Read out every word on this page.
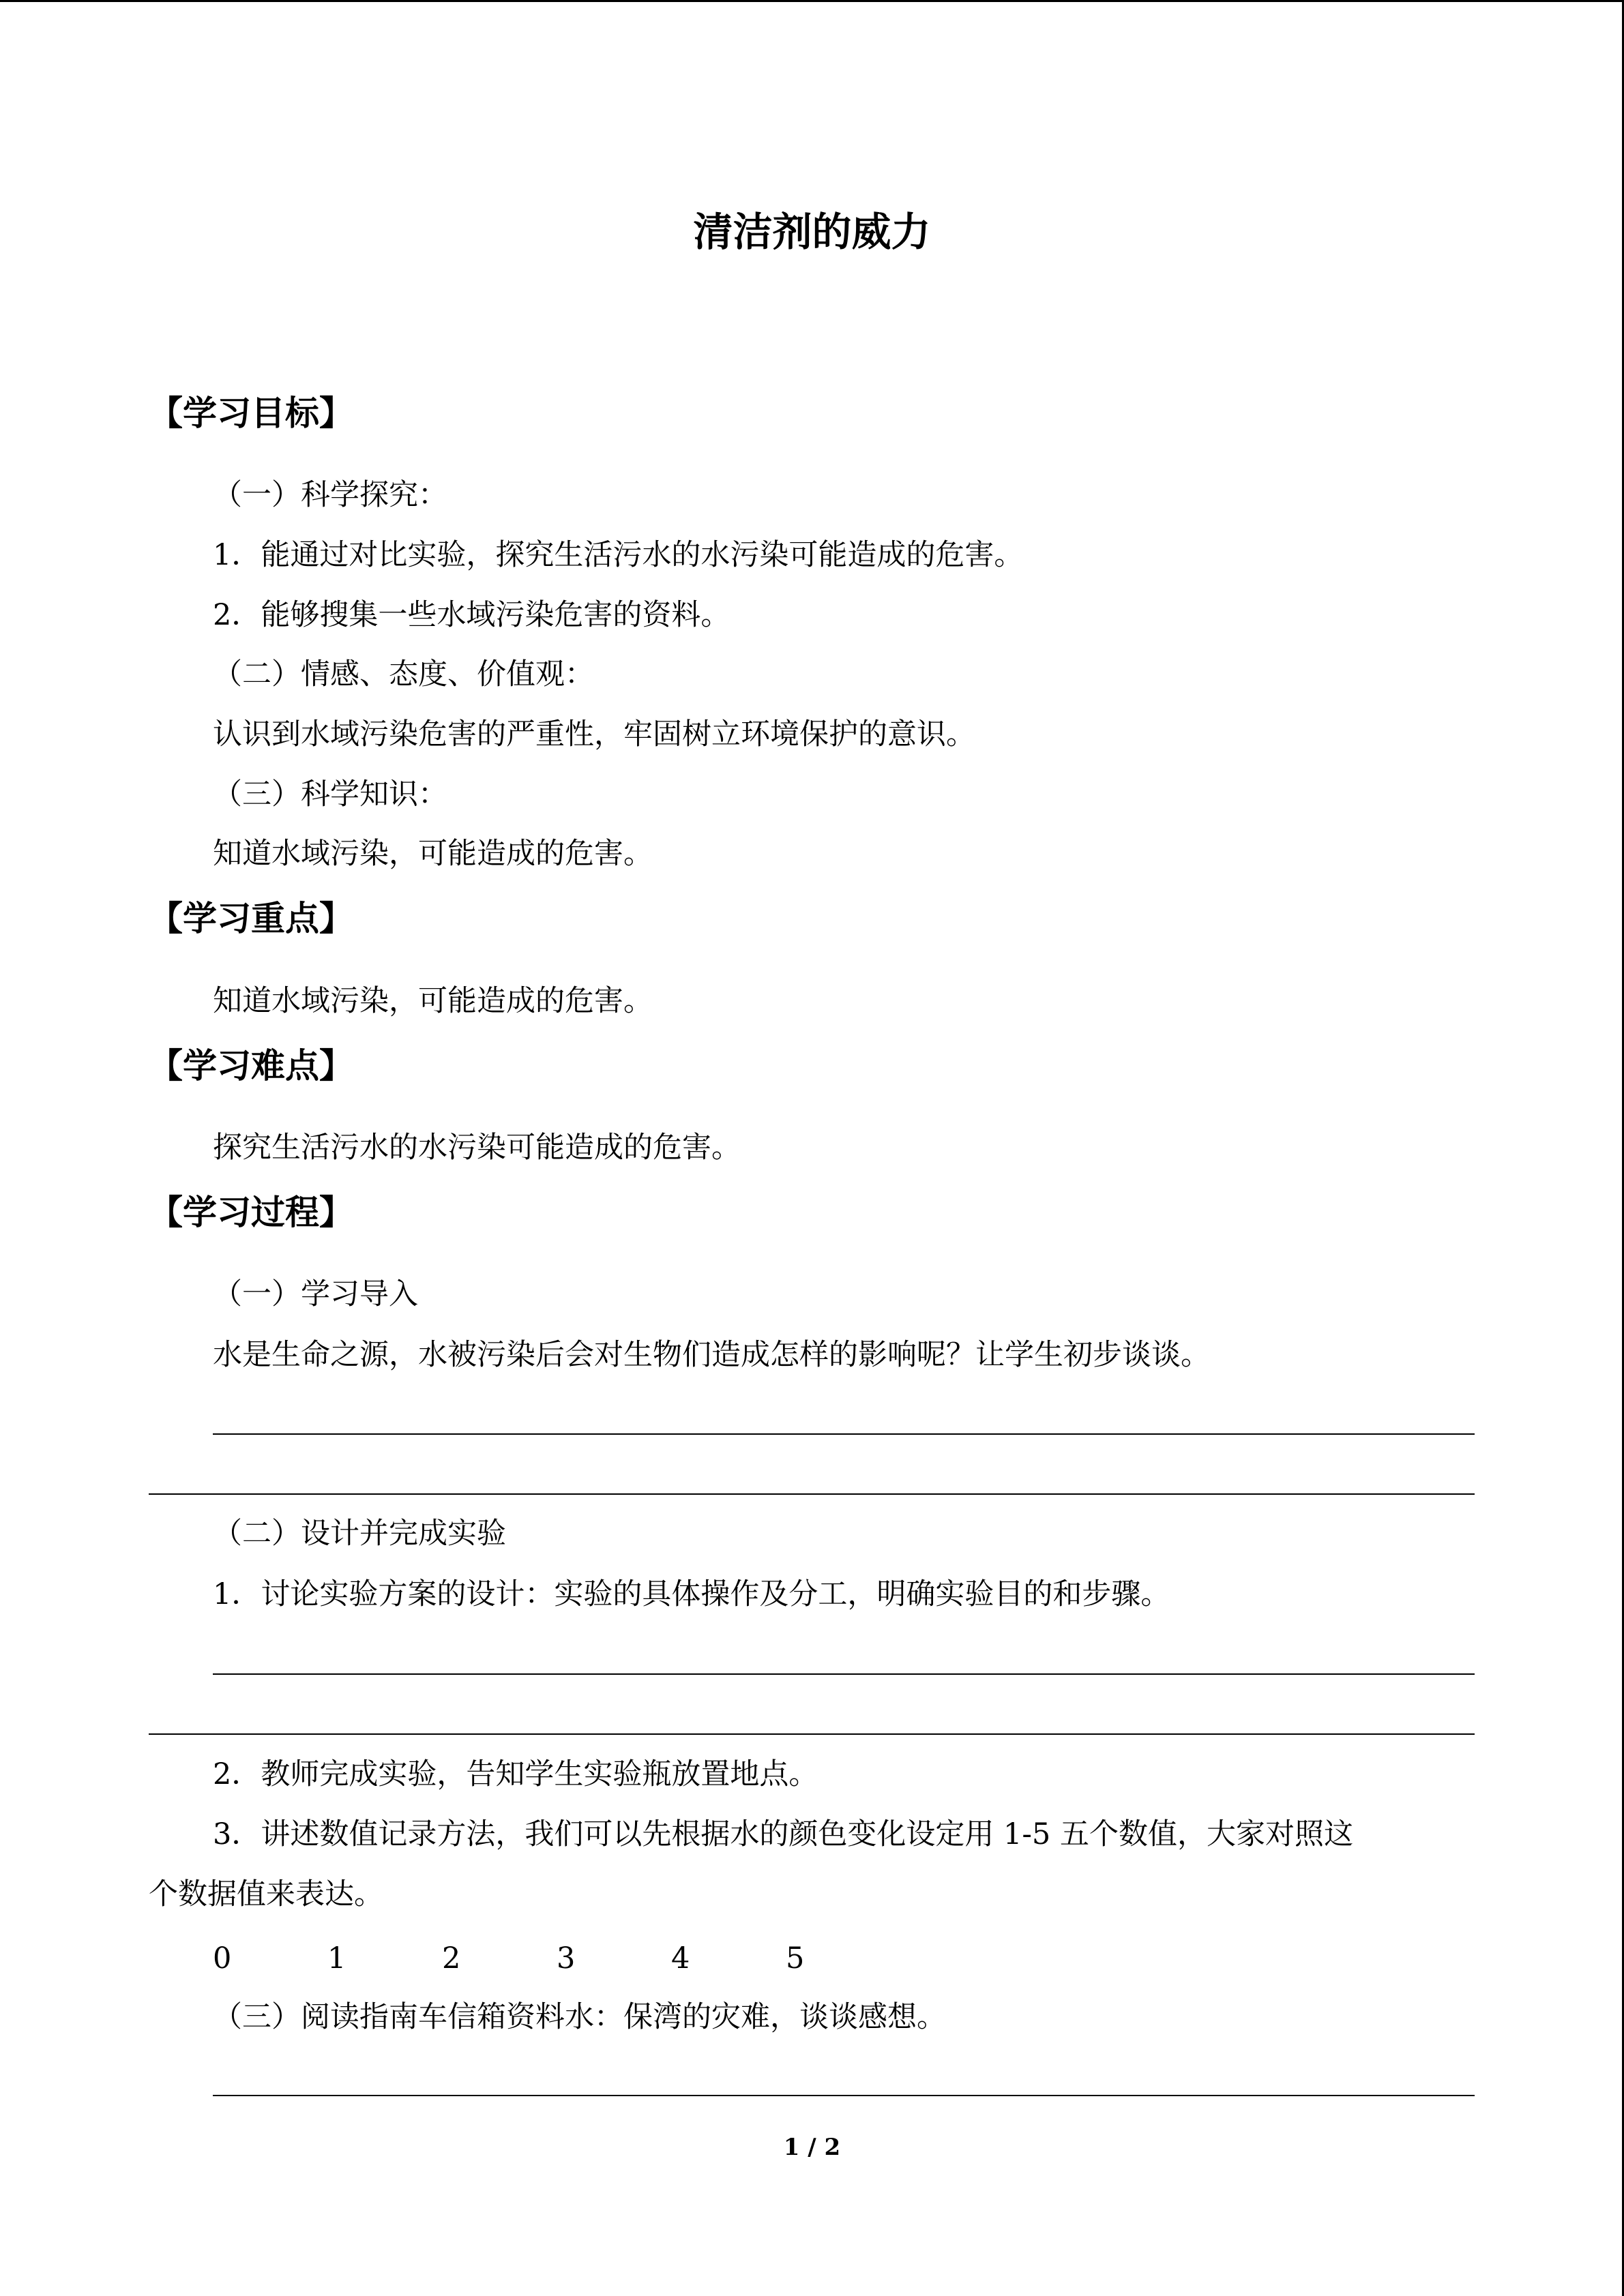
清洁剂的威力
【学习目标】
（一）科学探究：
1．能通过对比实验，探究生活污水的水污染可能造成的危害。
2．能够搜集一些水域污染危害的资料。
（二）情感、态度、价值观：
认识到水域污染危害的严重性，牢固树立环境保护的意识。
（三）科学知识：
知道水域污染，可能造成的危害。
【学习重点】
知道水域污染，可能造成的危害。
【学习难点】
探究生活污水的水污染可能造成的危害。
【学习过程】
（一）学习导入
水是生命之源，水被污染后会对生物们造成怎样的影响呢？让学生初步谈谈。
（二）设计并完成实验
1．讨论实验方案的设计：实验的具体操作及分工，明确实验目的和步骤。
2．教师完成实验，告知学生实验瓶放置地点。
3．讲述数值记录方法，我们可以先根据水的颜色变化设定用 1-5 五个数值，大家对照这
个数据值来表达。
0	1	2	3	4	5
（三）阅读指南车信箱资料水：保湾的灾难，谈谈感想。
1 / 2
